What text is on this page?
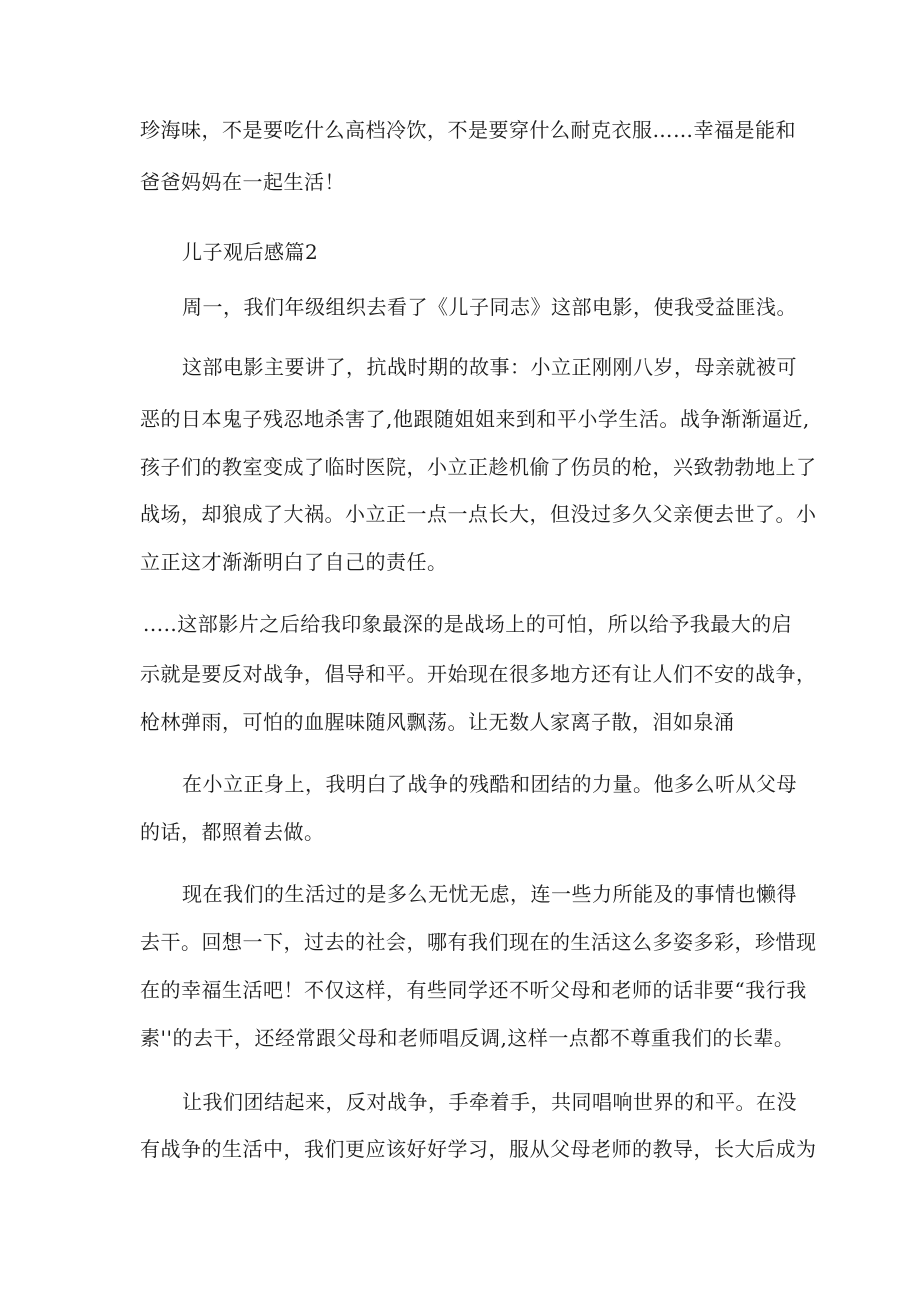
珍海味，不是要吃什么高档冷饮，不是要穿什么耐克衣服……幸福是能和
爸爸妈妈在一起生活！
儿子观后感篇2
周一，我们年级组织去看了《儿子同志》这部电影，使我受益匪浅。
这部电影主要讲了，抗战时期的故事：小立正刚刚八岁，母亲就被可
恶的日本鬼子残忍地杀害了,他跟随姐姐来到和平小学生活。战争渐渐逼近,
孩子们的教室变成了临时医院，小立正趁机偷了伤员的枪，兴致勃勃地上了
战场，却狼成了大祸。小立正一点一点长大，但没过多久父亲便去世了。小
立正这才渐渐明白了自己的责任。
.....这部影片之后给我印象最深的是战场上的可怕，所以给予我最大的启
示就是要反对战争，倡导和平。开始现在很多地方还有让人们不安的战争，
枪林弹雨，可怕的血腥味随风飘荡。让无数人家离子散，泪如泉涌
在小立正身上，我明白了战争的残酷和团结的力量。他多么听从父母
的话，都照着去做。
现在我们的生活过的是多么无忧无虑，连一些力所能及的事情也懒得
去干。回想一下，过去的社会，哪有我们现在的生活这么多姿多彩，珍惜现
在的幸福生活吧！不仅这样，有些同学还不听父母和老师的话非要“我行我
素''的去干，还经常跟父母和老师唱反调,这样一点都不尊重我们的长辈。
让我们团结起来，反对战争，手牵着手，共同唱响世界的和平。在没
有战争的生活中，我们更应该好好学习，服从父母老师的教导，长大后成为
